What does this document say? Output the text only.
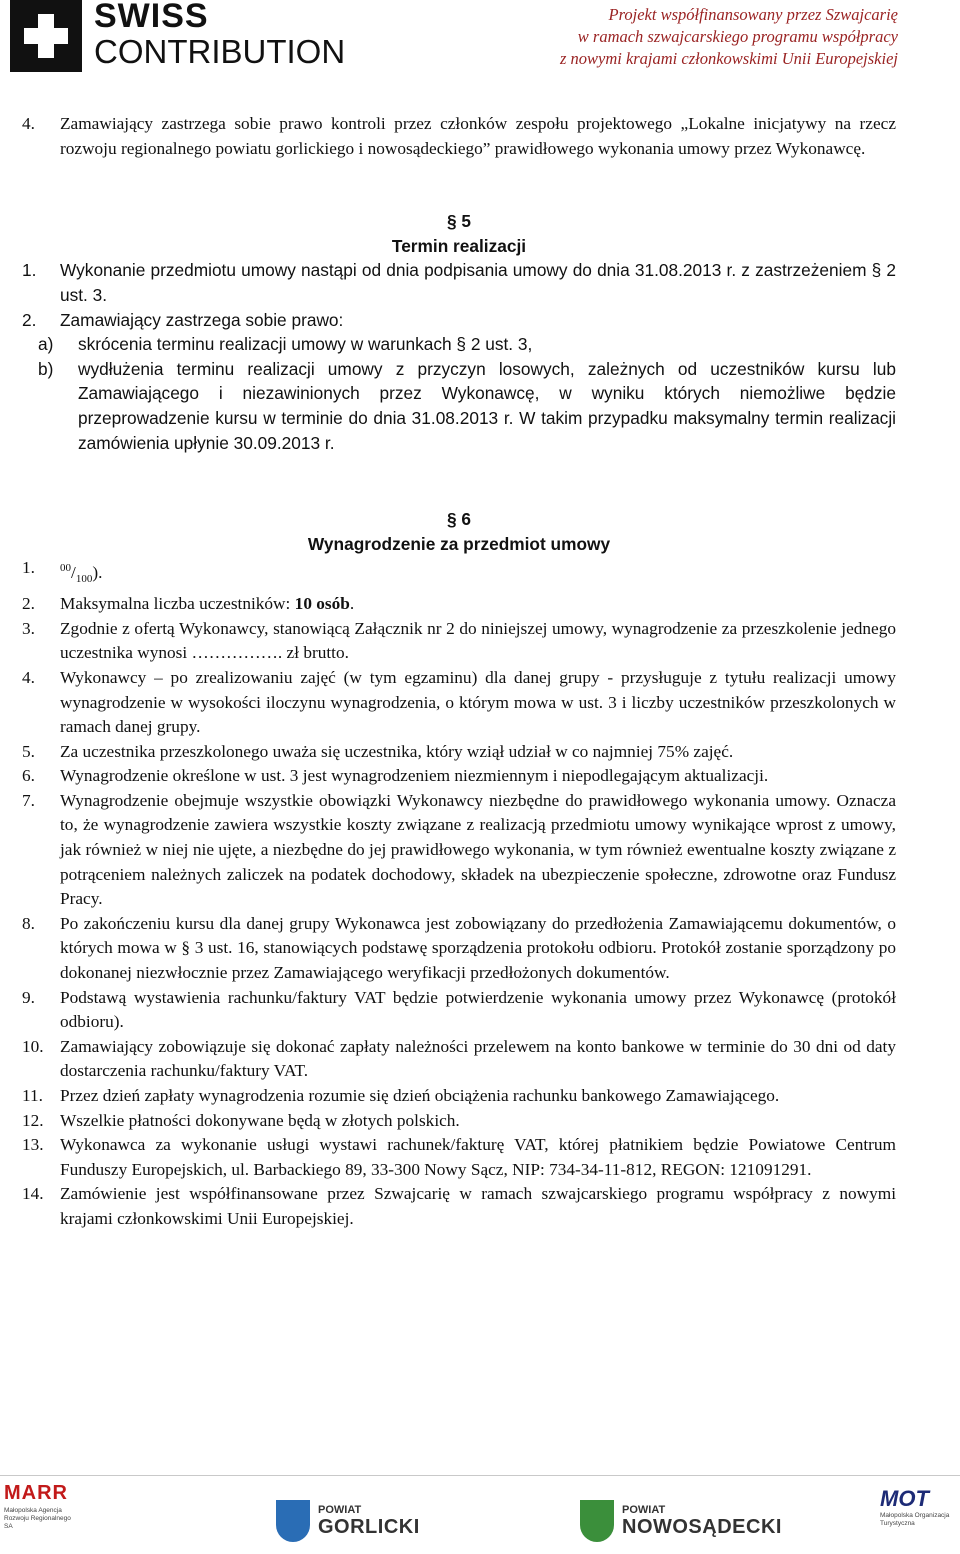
SWISS
CONTRIBUTION
Projekt współfinansowany przez Szwajcarię
w ramach szwajcarskiego programu współpracy
z nowymi krajami członkowskimi Unii Europejskiej
4.	Zamawiający zastrzega sobie prawo kontroli przez członków zespołu projektowego „Lokalne inicjatywy na rzecz rozwoju regionalnego powiatu gorlickiego i nowosądeckiego” prawidłowego wykonania umowy przez Wykonawcę.
§ 5
Termin realizacji
1.	Wykonanie przedmiotu umowy nastąpi od dnia podpisania umowy do dnia 31.08.2013 r. z zastrzeżeniem § 2 ust. 3.
2.	Zamawiający zastrzega sobie prawo:
a)	skrócenia terminu realizacji umowy w warunkach § 2 ust. 3,
b)	wydłużenia terminu realizacji umowy z przyczyn losowych, zależnych od uczestników kursu lub Zamawiającego i niezawinionych przez Wykonawcę, w wyniku których niemożliwe będzie przeprowadzenie kursu w terminie do dnia 31.08.2013 r. W takim przypadku maksymalny termin realizacji zamówienia upłynie 30.09.2013 r.
§ 6
Wynagrodzenie za przedmiot umowy
1.	$^{00}/_{100}$).
2.	Maksymalna liczba uczestników: 10 osób.
3.	Zgodnie z ofertą Wykonawcy, stanowiącą Załącznik nr 2 do niniejszej umowy, wynagrodzenie za przeszkolenie jednego uczestnika wynosi ……………. zł brutto.
4.	Wykonawcy – po zrealizowaniu zajęć (w tym egzaminu) dla danej grupy - przysługuje z tytułu realizacji umowy wynagrodzenie w wysokości iloczynu wynagrodzenia, o którym mowa w ust. 3 i liczby uczestników przeszkolonych w ramach danej grupy.
5.	Za uczestnika przeszkolonego uważa się uczestnika, który wziął udział w co najmniej 75% zajęć.
6.	Wynagrodzenie określone w ust. 3 jest wynagrodzeniem niezmiennym i niepodlegającym aktualizacji.
7.	Wynagrodzenie obejmuje wszystkie obowiązki Wykonawcy niezbędne do prawidłowego wykonania umowy. Oznacza to, że wynagrodzenie zawiera wszystkie koszty związane z realizacją przedmiotu umowy wynikające wprost z umowy, jak również w niej nie ujęte, a niezbędne do jej prawidłowego wykonania, w tym również ewentualne koszty związane z potrąceniem należnych zaliczek na podatek dochodowy, składek na ubezpieczenie społeczne, zdrowotne oraz Fundusz Pracy.
8.	Po zakończeniu kursu dla danej grupy Wykonawca jest zobowiązany do przedłożenia Zamawiającemu dokumentów, o których mowa w § 3 ust. 16, stanowiących podstawę sporządzenia protokołu odbioru. Protokół zostanie sporządzony po dokonanej niezwłocznie przez Zamawiającego weryfikacji przedłożonych dokumentów.
9.	Podstawą wystawienia rachunku/faktury VAT będzie potwierdzenie wykonania umowy przez Wykonawcę (protokół odbioru).
10. Zamawiający zobowiązuje się dokonać zapłaty należności przelewem na konto bankowe w terminie do 30 dni od daty dostarczenia rachunku/faktury VAT.
11. Przez dzień zapłaty wynagrodzenia rozumie się dzień obciążenia rachunku bankowego Zamawiającego.
12. Wszelkie płatności dokonywane będą w złotych polskich.
13. Wykonawca za wykonanie usługi wystawi rachunek/fakturę VAT, której płatnikiem będzie Powiatowe Centrum Funduszy Europejskich, ul. Barbackiego 89, 33-300 Nowy Sącz, NIP: 734-34-11-812, REGON: 121091291.
14. Zamówienie jest współfinansowane przez Szwajcarię w ramach szwajcarskiego programu współpracy z nowymi krajami członkowskimi Unii Europejskiej.
MARR
Małopolska Agencja Rozwoju Regionalnego SA
POWIAT
GORLICKI
POWIAT
NOWOSĄDECKI
MOT
Małopolska Organizacja Turystyczna
